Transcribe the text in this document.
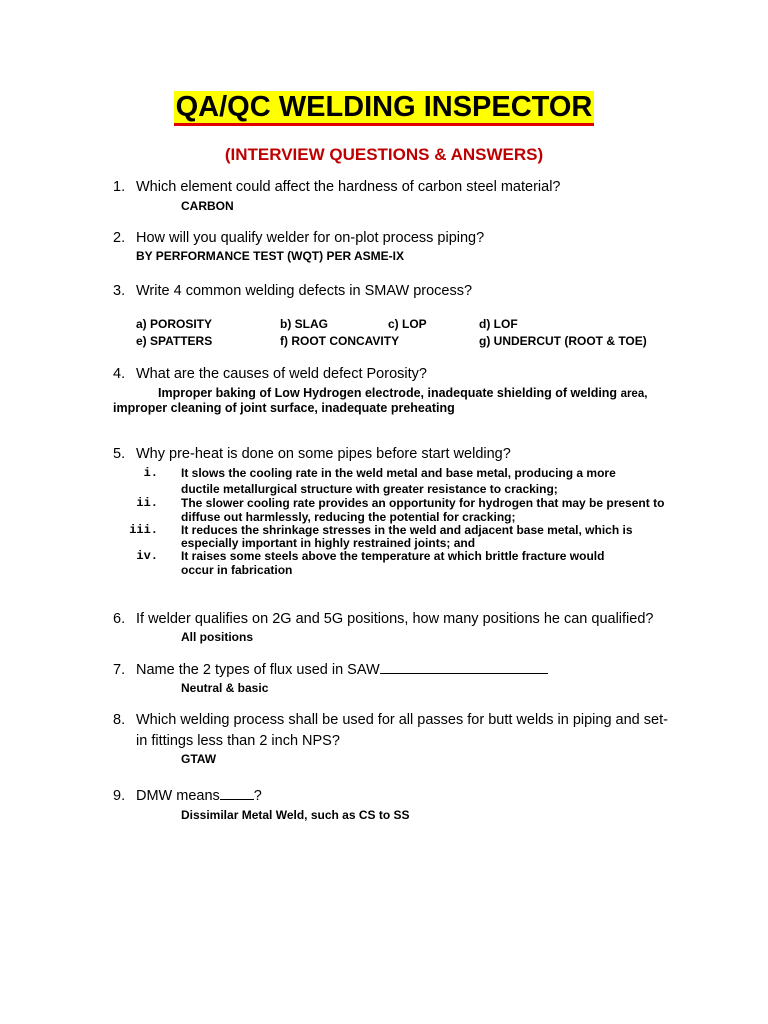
QA/QC WELDING INSPECTOR
(INTERVIEW QUESTIONS & ANSWERS)
1. Which element could affect the hardness of carbon steel material?
CARBON
2. How will you qualify welder for on-plot process piping?
BY PERFORMANCE TEST (WQT) PER ASME-IX
3. Write 4 common welding defects in SMAW process?
a) POROSITY	b) SLAG	c) LOP	d) LOF
e) SPATTERS	f) ROOT CONCAVITY	g) UNDERCUT (ROOT & TOE)
4. What are the causes of weld defect Porosity?
Improper baking of Low Hydrogen electrode, inadequate shielding of welding area,
improper cleaning of joint surface, inadequate preheating
5. Why pre-heat is done on some pipes before start welding?
i. It slows the cooling rate in the weld metal and base metal, producing a more
ductile metallurgical structure with greater resistance to cracking;
ii. The slower cooling rate provides an opportunity for hydrogen that may be present to
diffuse out harmlessly, reducing the potential for cracking;
iii. It reduces the shrinkage stresses in the weld and adjacent base metal, which is
especially important in highly restrained joints; and
iv. It raises some steels above the temperature at which brittle fracture would
occur in fabrication
6. If welder qualifies on 2G and 5G positions, how many positions he can qualified?
All positions
7. Name the 2 types of flux used in SAW
Neutral & basic
8. Which welding process shall be used for all passes for butt welds in piping and set-
in fittings less than 2 inch NPS?
GTAW
9. DMW means ?
Dissimilar Metal Weld, such as CS to SS
